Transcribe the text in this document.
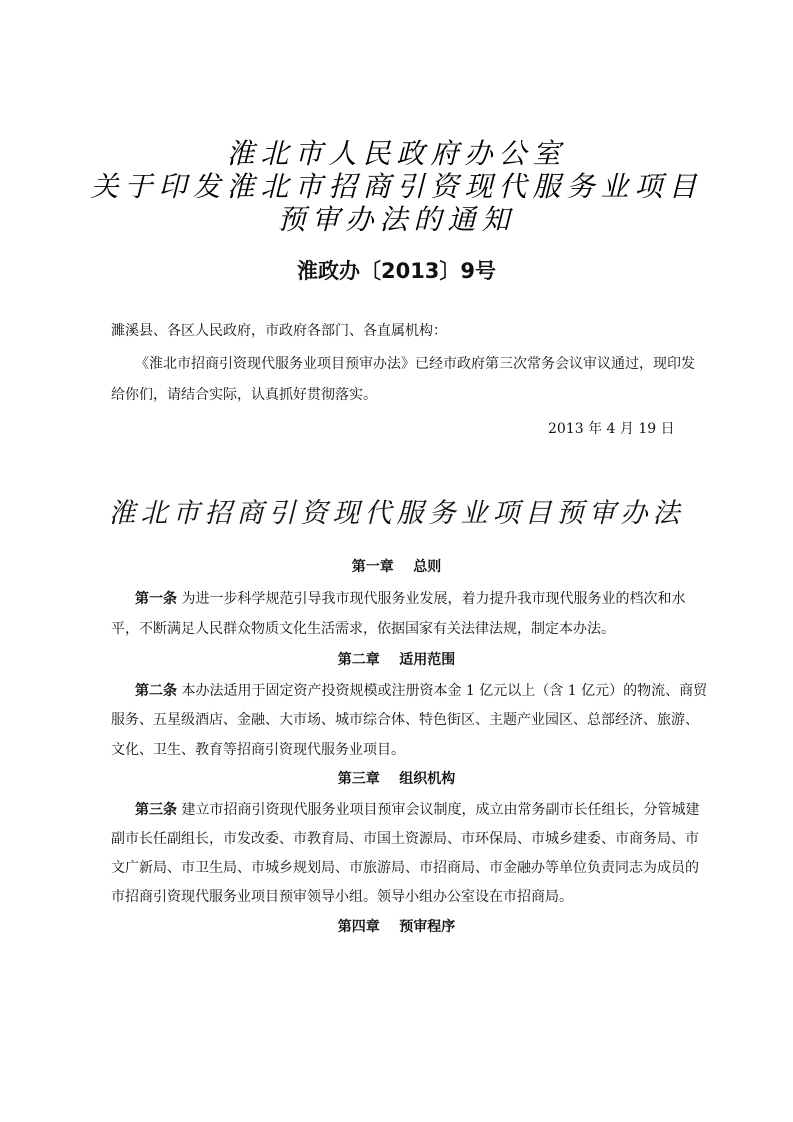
淮北市人民政府办公室
关于印发淮北市招商引资现代服务业项目
预审办法的通知
淮政办〔2013〕9号
濉溪县、各区人民政府，市政府各部门、各直属机构：
《淮北市招商引资现代服务业项目预审办法》已经市政府第三次常务会议审议通过，现印发
给你们，请结合实际，认真抓好贯彻落实。
2013 年 4 月 19 日
淮北市招商引资现代服务业项目预审办法
第一章    总则
第一条 为进一步科学规范引导我市现代服务业发展，着力提升我市现代服务业的档次和水
平，不断满足人民群众物质文化生活需求，依据国家有关法律法规，制定本办法。
第二章    适用范围
第二条 本办法适用于固定资产投资规模或注册资本金 1 亿元以上（含 1 亿元）的物流、商贸
服务、五星级酒店、金融、大市场、城市综合体、特色街区、主题产业园区、总部经济、旅游、
文化、卫生、教育等招商引资现代服务业项目。
第三章    组织机构
第三条 建立市招商引资现代服务业项目预审会议制度，成立由常务副市长任组长，分管城建
副市长任副组长，市发改委、市教育局、市国土资源局、市环保局、市城乡建委、市商务局、市
文广新局、市卫生局、市城乡规划局、市旅游局、市招商局、市金融办等单位负责同志为成员的
市招商引资现代服务业项目预审领导小组。领导小组办公室设在市招商局。
第四章    预审程序
